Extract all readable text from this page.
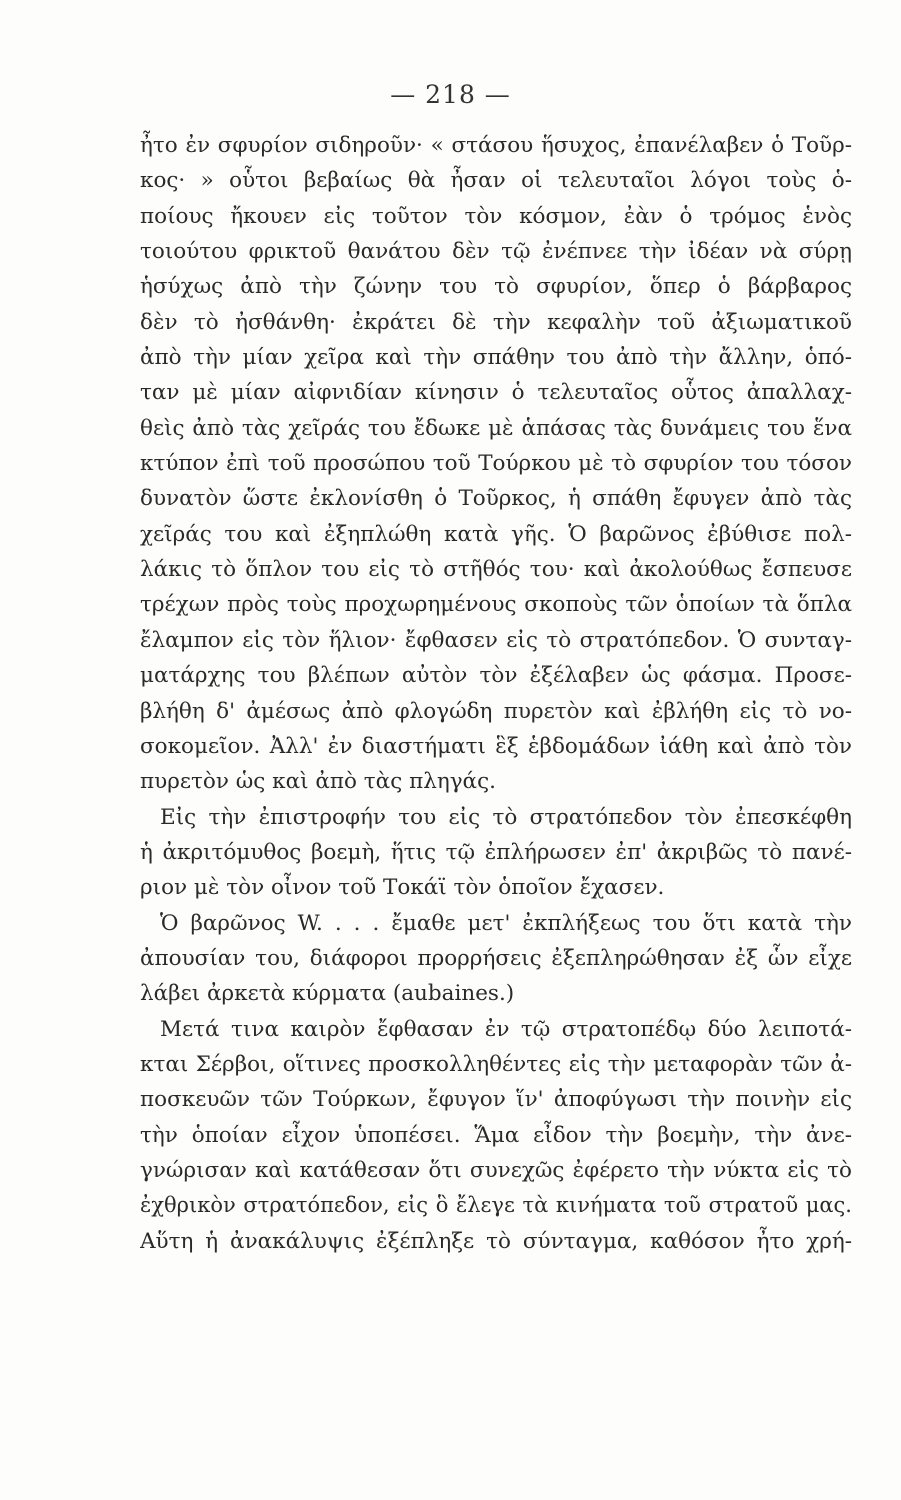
— 218 —
ἦτο ἐν σφυρίον σιδηροῦν· « στάσου ἥσυχος, ἐπανέλαβεν ὁ Τοῦρ-
κος· » οὗτοι βεβαίως θὰ ἦσαν οἱ τελευταῖοι λόγοι τοὺς ὁ-
ποίους ἤκουεν εἰς τοῦτον τὸν κόσμον, ἐὰν ὁ τρόμος ἑνὸς
τοιούτου φρικτοῦ θανάτου δὲν τῷ ἐνέπνεε τὴν ἰδέαν νὰ σύρῃ
ἡσύχως ἀπὸ τὴν ζώνην του τὸ σφυρίον, ὅπερ ὁ βάρβαρος
δὲν τὸ ἠσθάνθη· ἐκράτει δὲ τὴν κεφαλὴν τοῦ ἀξιωματικοῦ
ἀπὸ τὴν μίαν χεῖρα καὶ τὴν σπάθην του ἀπὸ τὴν ἄλλην, ὁπό-
ταν μὲ μίαν αἰφνιδίαν κίνησιν ὁ τελευταῖος οὗτος ἀπαλλαχ-
θεὶς ἀπὸ τὰς χεῖράς του ἔδωκε μὲ ἁπάσας τὰς δυνάμεις του ἕνα
κτύπον ἐπὶ τοῦ προσώπου τοῦ Τούρκου μὲ τὸ σφυρίον του τόσον
δυνατὸν ὥστε ἐκλονίσθη ὁ Τοῦρκος, ἡ σπάθη ἔφυγεν ἀπὸ τὰς
χεῖράς του καὶ ἐξηπλώθη κατὰ γῆς. Ὁ βαρῶνος ἐβύθισε πολ-
λάκις τὸ ὅπλον του εἰς τὸ στῆθός του· καὶ ἀκολούθως ἔσπευσε
τρέχων πρὸς τοὺς προχωρημένους σκοποὺς τῶν ὁποίων τὰ ὅπλα
ἔλαμπον εἰς τὸν ἥλιον· ἔφθασεν εἰς τὸ στρατόπεδον. Ὁ συνταγ-
ματάρχης του βλέπων αὐτὸν τὸν ἐξέλαβεν ὡς φάσμα. Προσε-
βλήθη δ' ἀμέσως ἀπὸ φλογώδη πυρετὸν καὶ ἐβλήθη εἰς τὸ νο-
σοκομεῖον. Ἀλλ' ἐν διαστήματι ἓξ ἑβδομάδων ἰάθη καὶ ἀπὸ τὸν
πυρετὸν ὡς καὶ ἀπὸ τὰς πληγάς.
Εἰς τὴν ἐπιστροφήν του εἰς τὸ στρατόπεδον τὸν ἐπεσκέφθη
ἡ ἀκριτόμυθος βοεμὴ, ἥτις τῷ ἐπλήρωσεν ἐπ' ἀκριβῶς τὸ πανέ-
ριον μὲ τὸν οἶνον τοῦ Τοκάϊ τὸν ὁποῖον ἔχασεν.
Ὁ βαρῶνος W. . . . ἔμαθε μετ' ἐκπλήξεως του ὅτι κατὰ τὴν
ἀπουσίαν του, διάφοροι προρρήσεις ἐξεπληρώθησαν ἐξ ὧν εἶχε
λάβει ἀρκετὰ κύρματα (aubaines.)
Μετά τινα καιρὸν ἔφθασαν ἐν τῷ στρατοπέδῳ δύο λειποτά-
κται Σέρβοι, οἵτινες προσκολληθέντες εἰς τὴν μεταφορὰν τῶν ἀ-
ποσκευῶν τῶν Τούρκων, ἔφυγον ἵν' ἀποφύγωσι τὴν ποινὴν εἰς
τὴν ὁποίαν εἶχον ὑποπέσει. Ἅμα εἶδον τὴν βοεμὴν, τὴν ἀνε-
γνώρισαν καὶ κατάθεσαν ὅτι συνεχῶς ἐφέρετο τὴν νύκτα εἰς τὸ
ἐχθρικὸν στρατόπεδον, εἰς ὃ ἔλεγε τὰ κινήματα τοῦ στρατοῦ μας.
Αὕτη ἡ ἀνακάλυψις ἐξέπληξε τὸ σύνταγμα, καθόσον ἦτο χρή-
